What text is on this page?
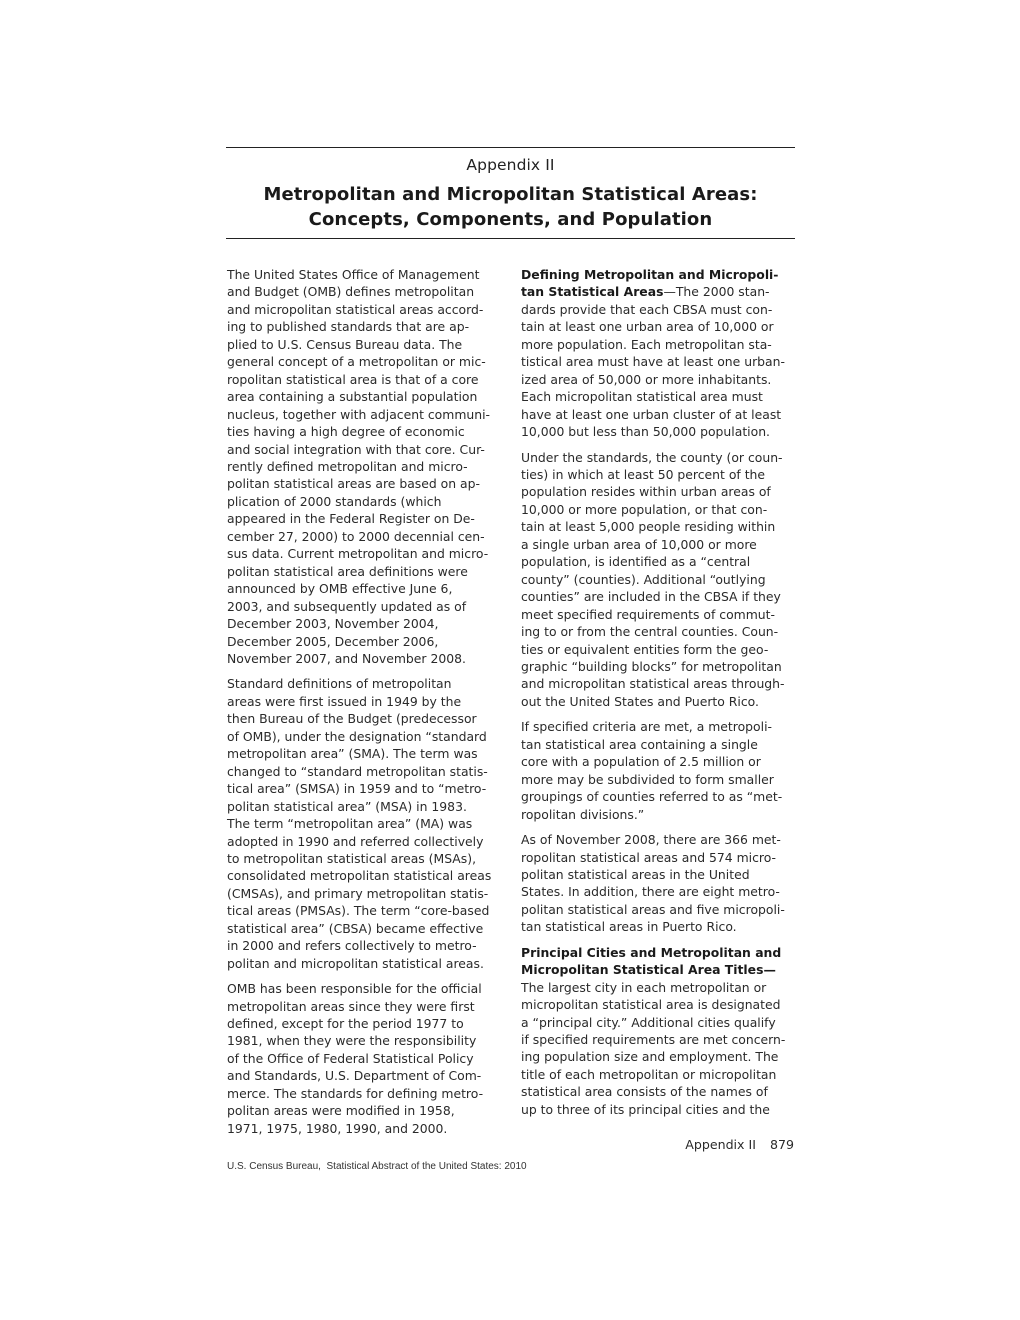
Appendix II
Metropolitan and Micropolitan Statistical Areas:
Concepts, Components, and Population
The United States Office of Management
and Budget (OMB) defines metropolitan
and micropolitan statistical areas accord-
ing to published standards that are ap-
plied to U.S. Census Bureau data. The
general concept of a metropolitan or mic-
ropolitan statistical area is that of a core
area containing a substantial population
nucleus, together with adjacent communi-
ties having a high degree of economic
and social integration with that core. Cur-
rently defined metropolitan and micro-
politan statistical areas are based on ap-
plication of 2000 standards (which
appeared in the Federal Register on De-
cember 27, 2000) to 2000 decennial cen-
sus data. Current metropolitan and micro-
politan statistical area definitions were
announced by OMB effective June 6,
2003, and subsequently updated as of
December 2003, November 2004,
December 2005, December 2006,
November 2007, and November 2008.
Standard definitions of metropolitan
areas were first issued in 1949 by the
then Bureau of the Budget (predecessor
of OMB), under the designation “standard
metropolitan area” (SMA). The term was
changed to “standard metropolitan statis-
tical area” (SMSA) in 1959 and to “metro-
politan statistical area” (MSA) in 1983.
The term “metropolitan area” (MA) was
adopted in 1990 and referred collectively
to metropolitan statistical areas (MSAs),
consolidated metropolitan statistical areas
(CMSAs), and primary metropolitan statis-
tical areas (PMSAs). The term “core-based
statistical area” (CBSA) became effective
in 2000 and refers collectively to metro-
politan and micropolitan statistical areas.
OMB has been responsible for the official
metropolitan areas since they were first
defined, except for the period 1977 to
1981, when they were the responsibility
of the Office of Federal Statistical Policy
and Standards, U.S. Department of Com-
merce. The standards for defining metro-
politan areas were modified in 1958,
1971, 1975, 1980, 1990, and 2000.
Defining Metropolitan and Micropoli-
tan Statistical Areas—The 2000 stan-
dards provide that each CBSA must con-
tain at least one urban area of 10,000 or
more population. Each metropolitan sta-
tistical area must have at least one urban-
ized area of 50,000 or more inhabitants.
Each micropolitan statistical area must
have at least one urban cluster of at least
10,000 but less than 50,000 population.
Under the standards, the county (or coun-
ties) in which at least 50 percent of the
population resides within urban areas of
10,000 or more population, or that con-
tain at least 5,000 people residing within
a single urban area of 10,000 or more
population, is identified as a “central
county” (counties). Additional “outlying
counties” are included in the CBSA if they
meet specified requirements of commut-
ing to or from the central counties. Coun-
ties or equivalent entities form the geo-
graphic “building blocks” for metropolitan
and micropolitan statistical areas through-
out the United States and Puerto Rico.
If specified criteria are met, a metropoli-
tan statistical area containing a single
core with a population of 2.5 million or
more may be subdivided to form smaller
groupings of counties referred to as “met-
ropolitan divisions.”
As of November 2008, there are 366 met-
ropolitan statistical areas and 574 micro-
politan statistical areas in the United
States. In addition, there are eight metro-
politan statistical areas and five micropoli-
tan statistical areas in Puerto Rico.
Principal Cities and Metropolitan and
Micropolitan Statistical Area Titles—
The largest city in each metropolitan or
micropolitan statistical area is designated
a “principal city.” Additional cities qualify
if specified requirements are met concern-
ing population size and employment. The
title of each metropolitan or micropolitan
statistical area consists of the names of
up to three of its principal cities and the
Appendix II 879
U.S. Census Bureau,  Statistical Abstract of the United States: 2010
